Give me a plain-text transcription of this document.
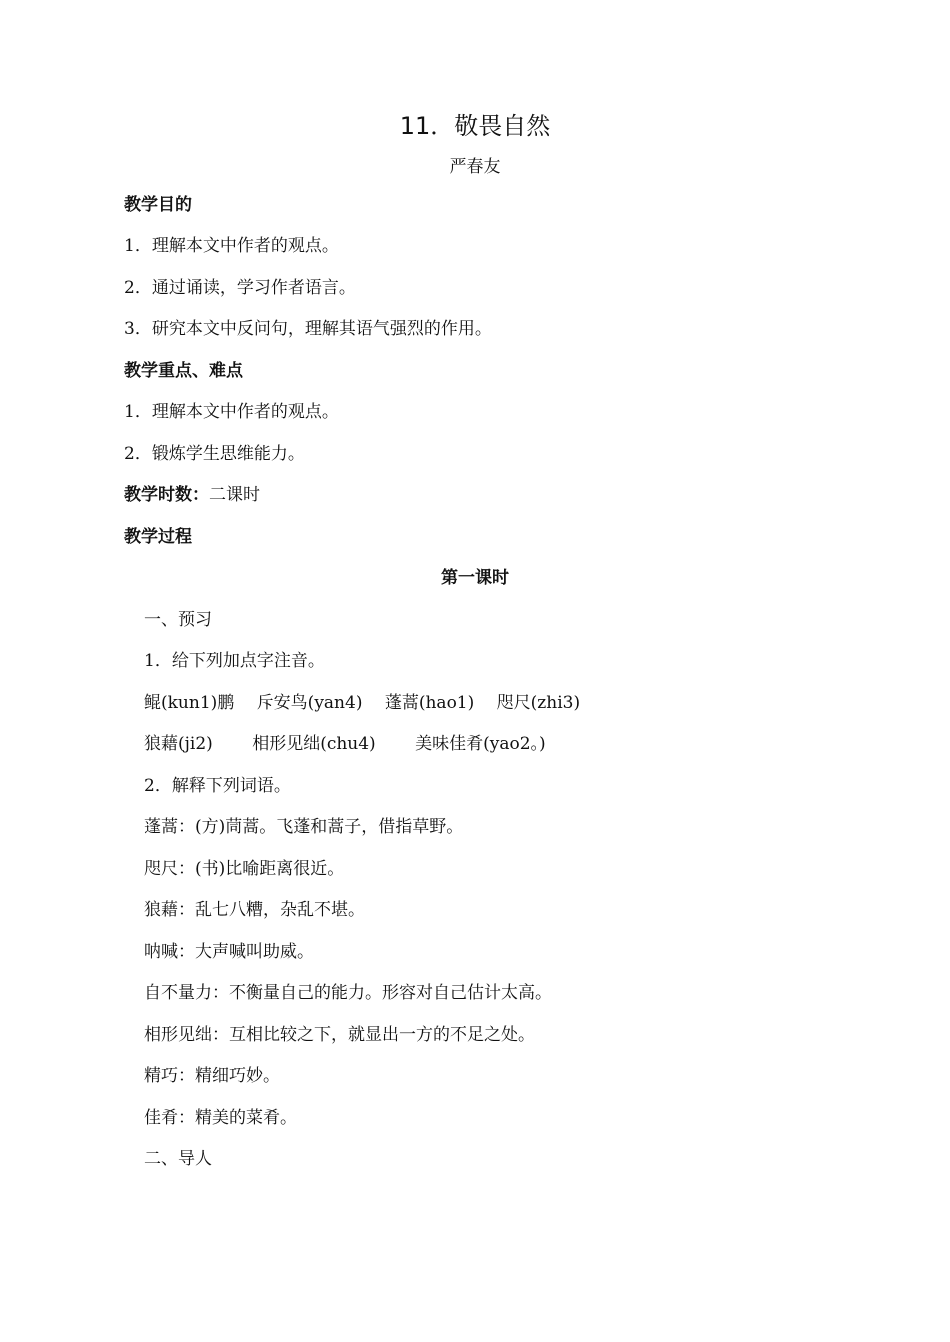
11．敬畏自然
严春友
教学目的
1．理解本文中作者的观点。
2．通过诵读，学习作者语言。
3．研究本文中反问句，理解其语气强烈的作用。
教学重点、难点
1．理解本文中作者的观点。
2．锻炼学生思维能力。
教学时数：二课时
教学过程
第一课时
一、预习
1．给下列加点字注音。
鲲(kun1)鹏　 斥安鸟(yan4)　 蓬蒿(hao1)　 咫尺(zhi3)
狼藉(ji2)　　 相形见绌(chu4)　　 美味佳肴(yao2。)
2．解释下列词语。
蓬蒿：(方)茼蒿。飞蓬和蒿子，借指草野。
咫尺：(书)比喻距离很近。
狼藉：乱七八糟，杂乱不堪。
呐喊：大声喊叫助威。
自不量力：不衡量自己的能力。形容对自己估计太高。
相形见绌：互相比较之下，就显出一方的不足之处。
精巧：精细巧妙。
佳肴：精美的菜肴。
二、导人
